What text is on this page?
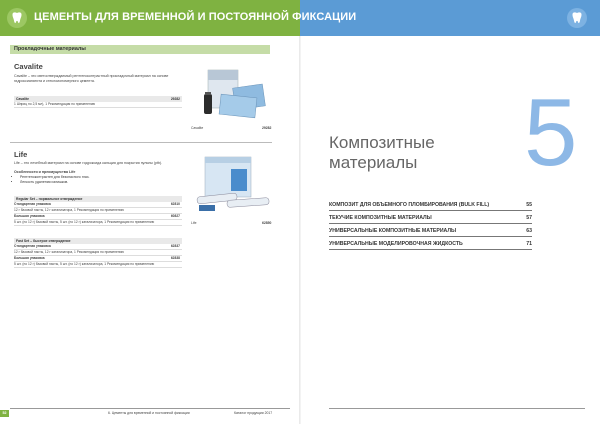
ЦЕМЕНТЫ ДЛЯ ВРЕМЕННОЙ И ПОСТОЯННОЙ ФИКСАЦИИ
Прокладочные материалы
Cavalite
Cavalite – это светоотверждаемый рентгеноконтрастный прокладочный материал на основе гидроксиапатита и стеклоиономерного цемента.
Cavalite	29282
1 Шприц по 2,5 мл), 1 Рекомендация по применению
Cavalite	29282
Life
Life – это лечебный материал на основе гидроксида кальция для покрытия пульпы (рtb).
Особенности и преимущества Life
• Рентгеноконтрастен для безопасного глаз.
• Легкость удаления излишков.
Regular Set – нормальное отверждение
Стандартная упаковка	62810
12 г базовой пасты, 12 г катализатора, 1 Рекомендация по применению
Большая упаковка	60827
5 шт. (по 12 г) базовой пасты, 5 шт. (по 12 г) катализатора, 1 Рекомендация по применению
Fast Set – быстрое отверждение
Стандартная упаковка	62837
12 г базовой пасты, 12 г катализатора, 1 Рекомендация по применению
Большая упаковка	62838
5 шт. (по 12 г) базовой пасты, 5 шт. (по 12 г) катализатора, 1 Рекомендация по применению
Life	62850
5
Композитные
материалы
КОМПОЗИТ ДЛЯ ОБЪЕМНОГО ПЛОМБИРОВАНИЯ (BULK FILL)	55
ТЕКУЧИЕ КОМПОЗИТНЫЕ МАТЕРИАЛЫ	57
УНИВЕРСАЛЬНЫЕ КОМПОЗИТНЫЕ МАТЕРИАЛЫ	63
УНИВЕРСАЛЬНЫЕ МОДЕЛИРОВОЧНАЯ ЖИДКОСТЬ	71
52	6. Цементы для временной и постоянной фиксации	Каталог продукции 2017
